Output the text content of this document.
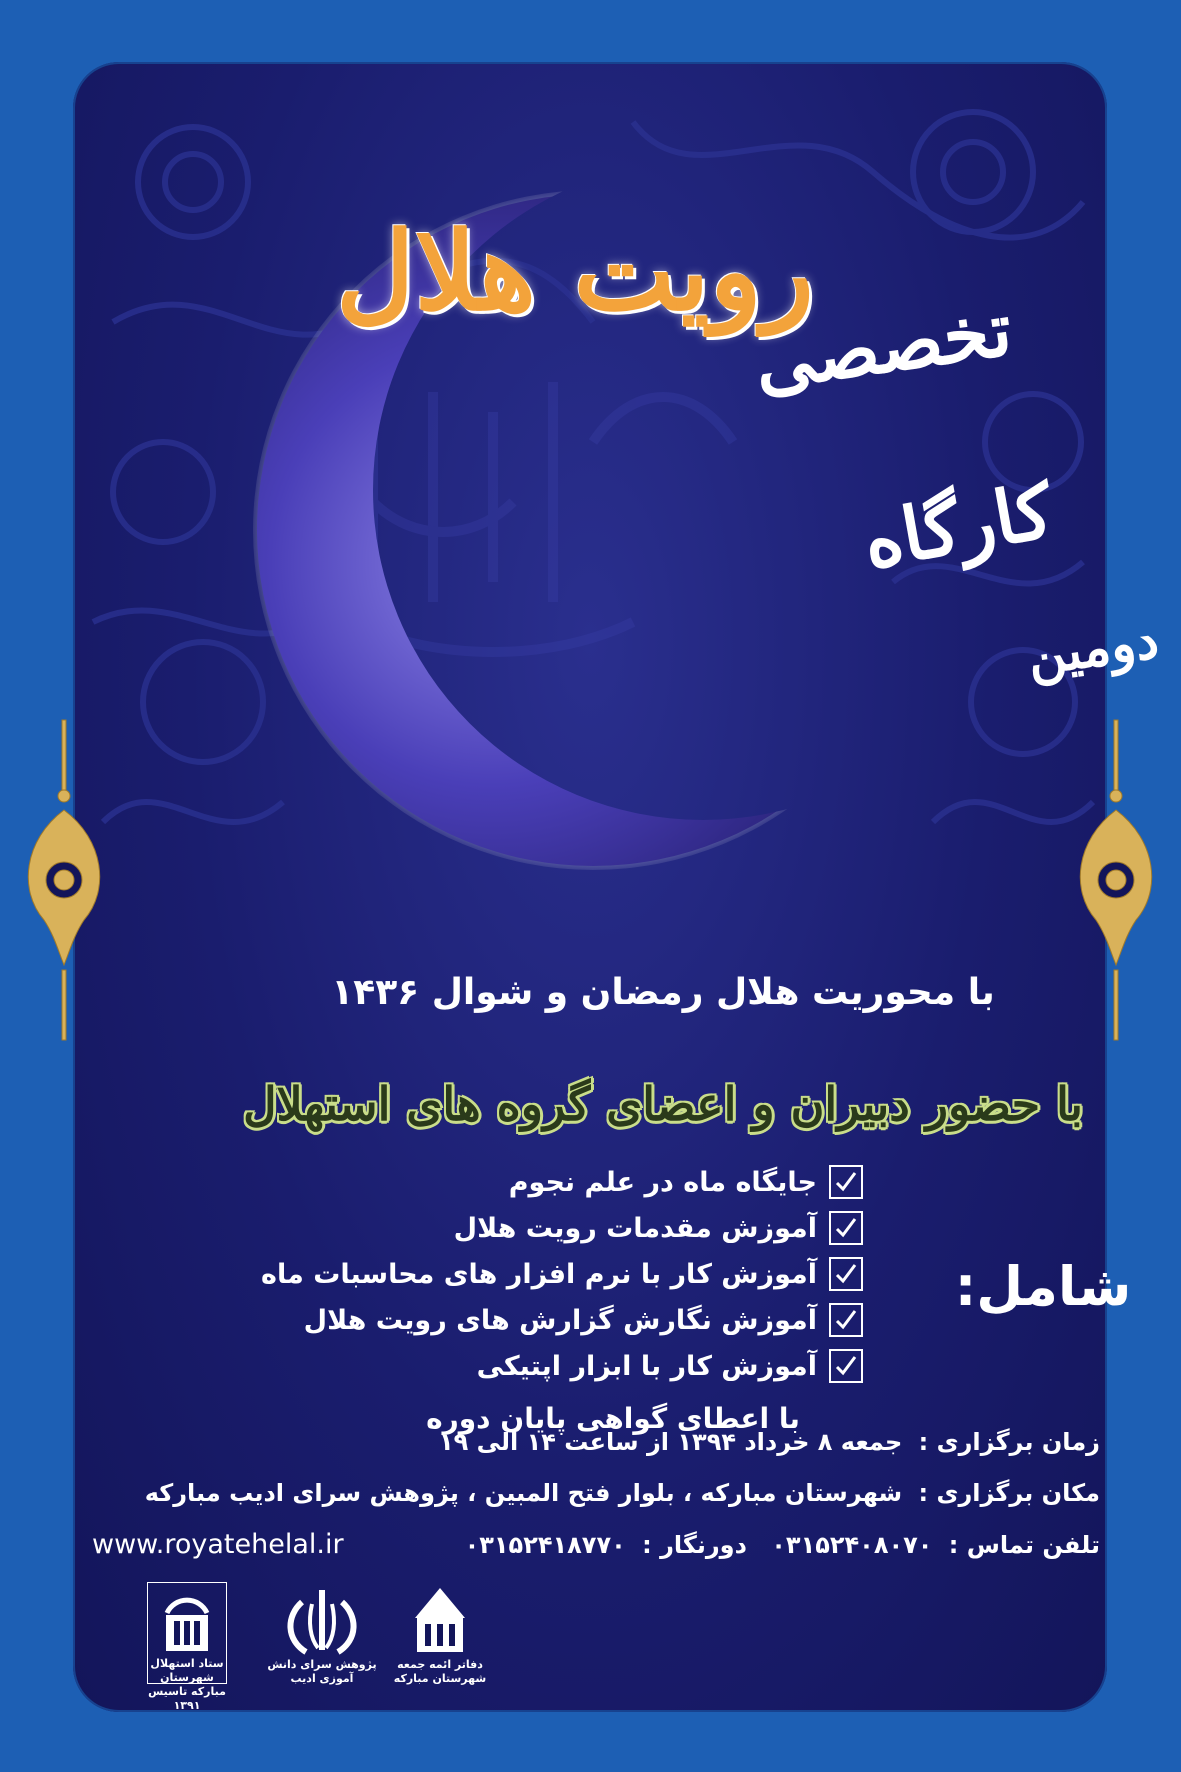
رویت هلال
تخصصی
کارگاه
دومین
با محوریت هلال رمضان و شوال ۱۴۳۶
با حضور دبیران و اعضای گروه های استهلال
شامل:
جایگاه ماه در علم نجوم
آموزش مقدمات رویت هلال
آموزش کار با نرم افزار های محاسبات ماه
آموزش نگارش گزارش های رویت هلال
آموزش کار با ابزار اپتیکی
با اعطای گواهی پایان دوره
زمان برگزاری : جمعه ۸ خرداد ۱۳۹۴ از ساعت ۱۴ الی ۱۹
مکان برگزاری : شهرستان مبارکه ، بلوار فتح المبین ، پژوهش سرای ادیب مبارکه
تلفن تماس : ۰۳۱۵۲۴۰۸۰۷۰ دورنگار : ۰۳۱۵۲۴۱۸۷۷۰
www.royatehelal.ir
ستاد استهلال شهرستان مبارکه تاسیس ۱۳۹۱
پژوهش سرای دانش آموزی ادیب
دفاتر ائمه جمعه شهرستان مبارکه
